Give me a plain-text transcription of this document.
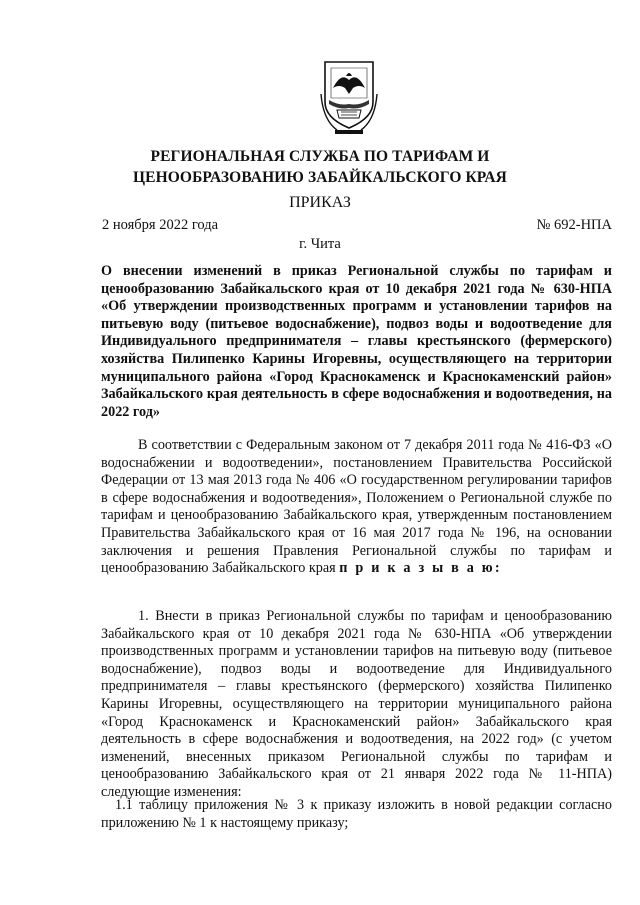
РЕГИОНАЛЬНАЯ СЛУЖБА ПО ТАРИФАМ И
ЦЕНООБРАЗОВАНИЮ ЗАБАЙКАЛЬСКОГО КРАЯ
ПРИКАЗ
2 ноября 2022 года	№ 692-НПА
г. Чита
О внесении изменений в приказ Региональной службы по тарифам и ценообразованию Забайкальского края от 10 декабря 2021 года № 630-НПА «Об утверждении производственных программ и установлении тарифов на питьевую воду (питьевое водоснабжение), подвоз воды и водоотведение для Индивидуального предпринимателя – главы крестьянского (фермерского) хозяйства Пилипенко Карины Игоревны, осуществляющего на территории муниципального района «Город Краснокаменск и Краснокаменский район» Забайкальского края деятельность в сфере водоснабжения и водоотведения, на 2022 год»
В соответствии с Федеральным законом от 7 декабря 2011 года № 416-ФЗ «О водоснабжении и водоотведении», постановлением Правительства Российской Федерации от 13 мая 2013 года № 406 «О государственном регулировании тарифов в сфере водоснабжения и водоотведения», Положением о Региональной службе по тарифам и ценообразованию Забайкальского края, утвержденным постановлением Правительства Забайкальского края от 16 мая 2017 года № 196, на основании заключения и решения Правления Региональной службы по тарифам и ценообразованию Забайкальского края п р и к а з ы в а ю:
1. Внести в приказ Региональной службы по тарифам и ценообразованию Забайкальского края от 10 декабря 2021 года № 630-НПА «Об утверждении производственных программ и установлении тарифов на питьевую воду (питьевое водоснабжение), подвоз воды и водоотведение для Индивидуального предпринимателя – главы крестьянского (фермерского) хозяйства Пилипенко Карины Игоревны, осуществляющего на территории муниципального района «Город Краснокаменск и Краснокаменский район» Забайкальского края деятельность в сфере водоснабжения и водоотведения, на 2022 год» (с учетом изменений, внесенных приказом Региональной службы по тарифам и ценообразованию Забайкальского края от 21 января 2022 года № 11-НПА) следующие изменения:
1.1 таблицу приложения № 3 к приказу изложить в новой редакции согласно приложению № 1 к настоящему приказу;
